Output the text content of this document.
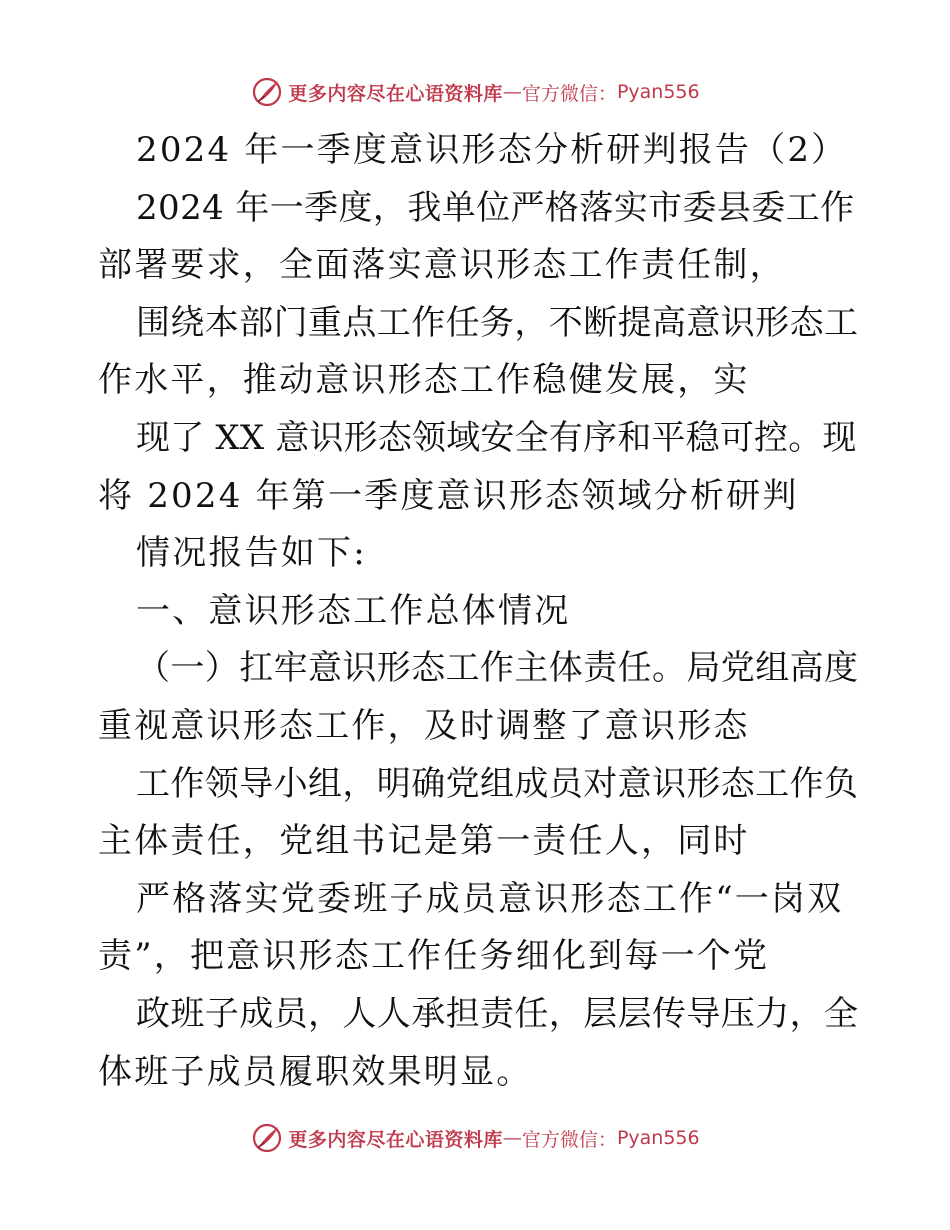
更多内容尽在心语资料库 — 官方微信： Pyan556
2024 年一季度意识形态分析研判报告（2）
2024 年一季度，我单位严格落实市委县委工作
部署要求，全面落实意识形态工作责任制，
围绕本部门重点工作任务，不断提高意识形态工
作水平，推动意识形态工作稳健发展，实
现了 XX 意识形态领域安全有序和平稳可控。现
将 2024 年第一季度意识形态领域分析研判
情况报告如下:
一、意识形态工作总体情况
（一）扛牢意识形态工作主体责任。局党组高度
重视意识形态工作，及时调整了意识形态
工作领导小组，明确党组成员对意识形态工作负
主体责任，党组书记是第一责任人，同时
严格落实党委班子成员意识形态工作“一岗双
责”，把意识形态工作任务细化到每一个党
政班子成员，人人承担责任，层层传导压力，全
体班子成员履职效果明显。
更多内容尽在心语资料库 — 官方微信： Pyan556
